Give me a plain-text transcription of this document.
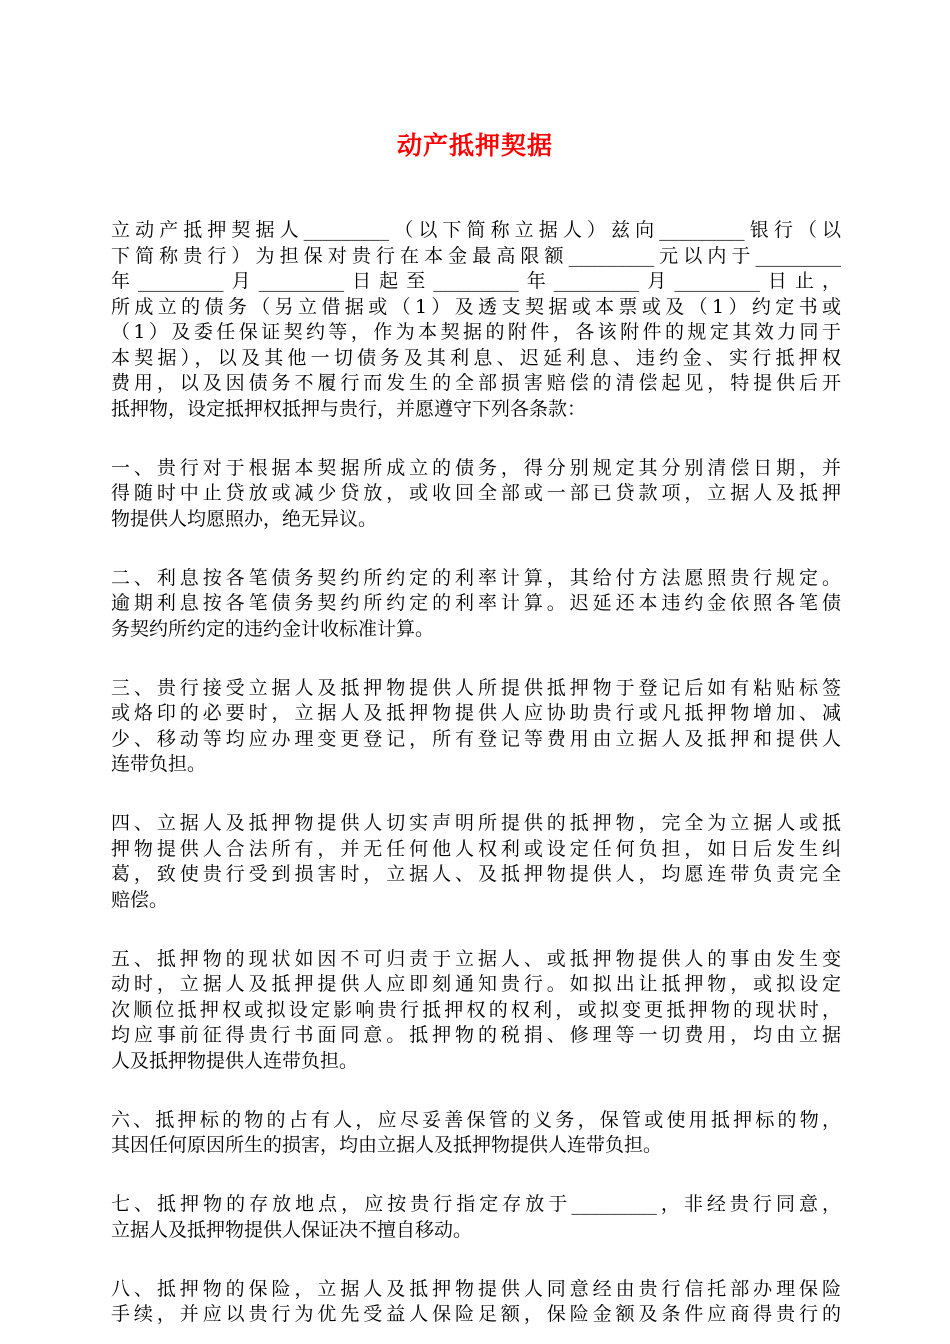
动产抵押契据
立动产抵押契据人_________（以下简称立据人）兹向_________银行（以
下简称贵行）为担保对贵行在本金最高限额_________元以内于_________
年_________月_________日起至_________年_________月_________日止，
所成立的债务（另立借据或（1）及透支契据或本票或及（1）约定书或
（1）及委任保证契约等，作为本契据的附件，各该附件的规定其效力同于
本契据），以及其他一切债务及其利息、迟延利息、违约金、实行抵押权
费用，以及因债务不履行而发生的全部损害赔偿的清偿起见，特提供后开
抵押物，设定抵押权抵押与贵行，并愿遵守下列各条款：
一、贵行对于根据本契据所成立的债务，得分别规定其分别清偿日期，并
得随时中止贷放或减少贷放，或收回全部或一部已贷款项，立据人及抵押
物提供人均愿照办，绝无异议。
二、利息按各笔债务契约所约定的利率计算，其给付方法愿照贵行规定。
逾期利息按各笔债务契约所约定的利率计算。迟延还本违约金依照各笔债
务契约所约定的违约金计收标准计算。
三、贵行接受立据人及抵押物提供人所提供抵押物于登记后如有粘贴标签
或烙印的必要时，立据人及抵押物提供人应协助贵行或凡抵押物增加、减
少、移动等均应办理变更登记，所有登记等费用由立据人及抵押和提供人
连带负担。
四、立据人及抵押物提供人切实声明所提供的抵押物，完全为立据人或抵
押物提供人合法所有，并无任何他人权利或设定任何负担，如日后发生纠
葛，致使贵行受到损害时，立据人、及抵押物提供人，均愿连带负责完全
赔偿。
五、抵押物的现状如因不可归责于立据人、或抵押物提供人的事由发生变
动时，立据人及抵押提供人应即刻通知贵行。如拟出让抵押物，或拟设定
次顺位抵押权或拟设定影响贵行抵押权的权利，或拟变更抵押物的现状时，
均应事前征得贵行书面同意。抵押物的税捐、修理等一切费用，均由立据
人及抵押物提供人连带负担。
六、抵押标的物的占有人，应尽妥善保管的义务，保管或使用抵押标的物，
其因任何原因所生的损害，均由立据人及抵押物提供人连带负担。
七、抵押物的存放地点，应按贵行指定存放于_________，非经贵行同意，
立据人及抵押物提供人保证决不擅自移动。
八、抵押物的保险，立据人及抵押物提供人同意经由贵行信托部办理保险
手续，并应以贵行为优先受益人保险足额，保险金额及条件应商得贵行的
